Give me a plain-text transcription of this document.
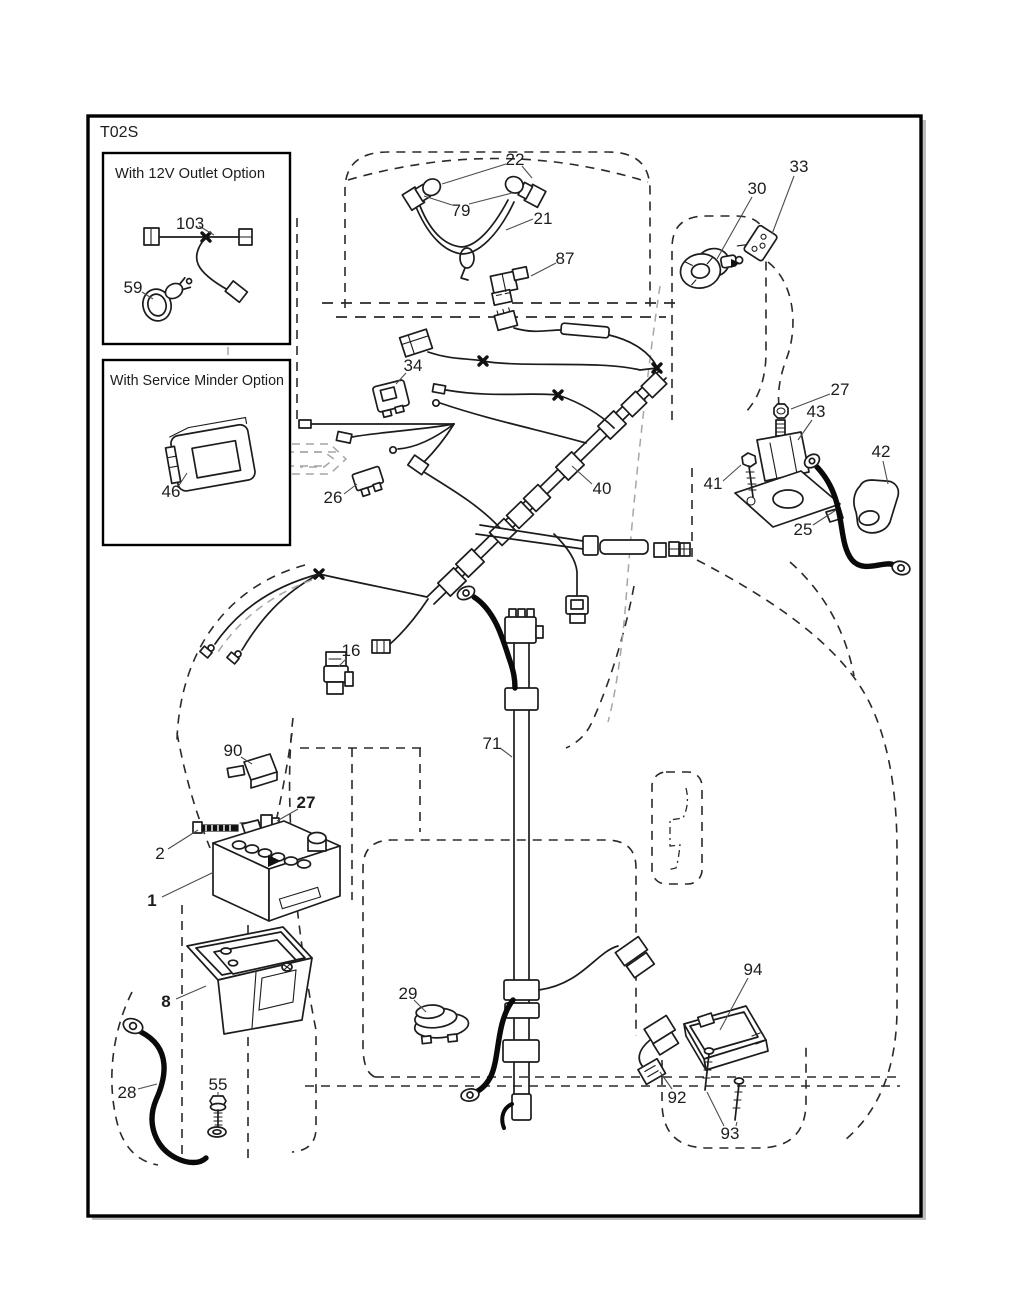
T02S
With 12V Outlet Option
With Service Minder Option
103
59
46
22
79	21
87
33
30
27
43
42
41
25
34
26	40
16
90
27
2
1
8
28	55
29
71
94
92
93
